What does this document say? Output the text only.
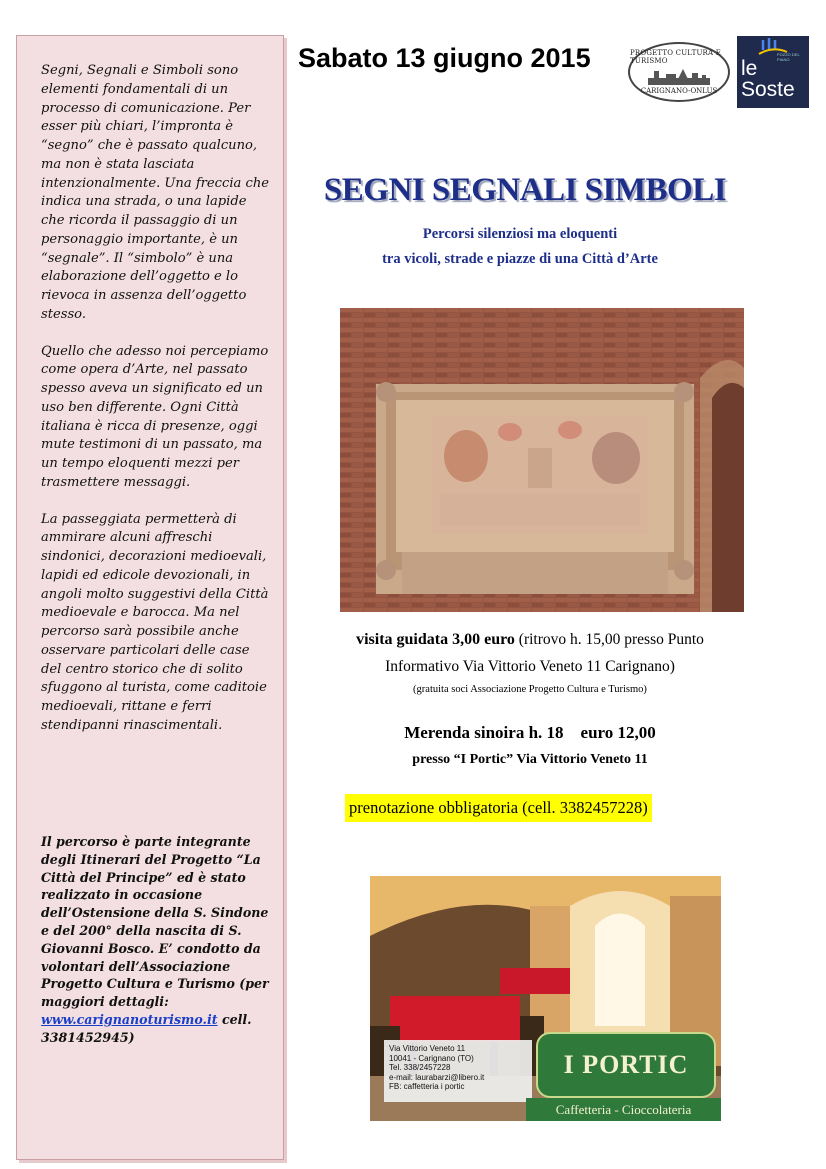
Segni, Segnali e Simboli sono elementi fondamentali di un processo di comunicazione. Per esser più chiari, l’impronta è “segno” che è passato qualcuno, ma non è stata lasciata intenzionalmente. Una freccia che indica una strada, o una lapide che ricorda il passaggio di un personaggio importante, è un “segnale”. Il “simbolo” è una elaborazione dell’oggetto e lo rievoca in assenza dell’oggetto stesso.

Quello che adesso noi percepiamo come opera d’Arte, nel passato spesso aveva un significato ed un uso ben differente. Ogni Città italiana è ricca di presenze, oggi mute testimoni di un passato, ma un tempo eloquenti mezzi per trasmettere messaggi.

La passeggiata permetterà di ammirare alcuni affreschi sindonici, decorazioni medioevali, lapidi ed edicole devozionali, in angoli molto suggestivi della Città medioevale e barocca. Ma nel percorso sarà possibile anche osservare particolari delle case del centro storico che di solito sfuggono al turista, come caditoie medioevali, rittane e ferri stendipanni rinascimentali.

Il percorso è parte integrante degli Itinerari del Progetto “La Città del Principe” ed è stato realizzato in occasione dell’Ostensione della S. Sindone e del 200° della nascita di S. Giovanni Bosco. E’ condotto da volontari dell’Associazione Progetto Cultura e Turismo (per maggiori dettagli: www.carignanoturismo.it cell. 3381452945)
Sabato 13 giugno 2015	PROGETTO CULTURA E TURISMO
CARIGNANO-ONLUS
POZZO DEL PIANO
le
Soste
SEGNI SEGNALI SIMBOLI
Percorsi silenziosi ma eloquenti
tra vicoli, strade e piazze di una Città d’Arte
visita guidata 3,00 euro (ritrovo h. 15,00 presso Punto
Informativo Via Vittorio Veneto 11 Carignano)
(gratuita soci Associazione Progetto Cultura e Turismo)
Merenda sinoira h. 18    euro 12,00
presso “I Portic” Via Vittorio Veneto 11
prenotazione obbligatoria (cell. 3382457228)
Via Vittorio Veneto 11
10041 - Carignano (TO)
Tel. 338/2457228
e-mail: laurabarzi@libero.it
FB: caffetteria i portic
I PORTIC
Caffetteria - Cioccolateria
